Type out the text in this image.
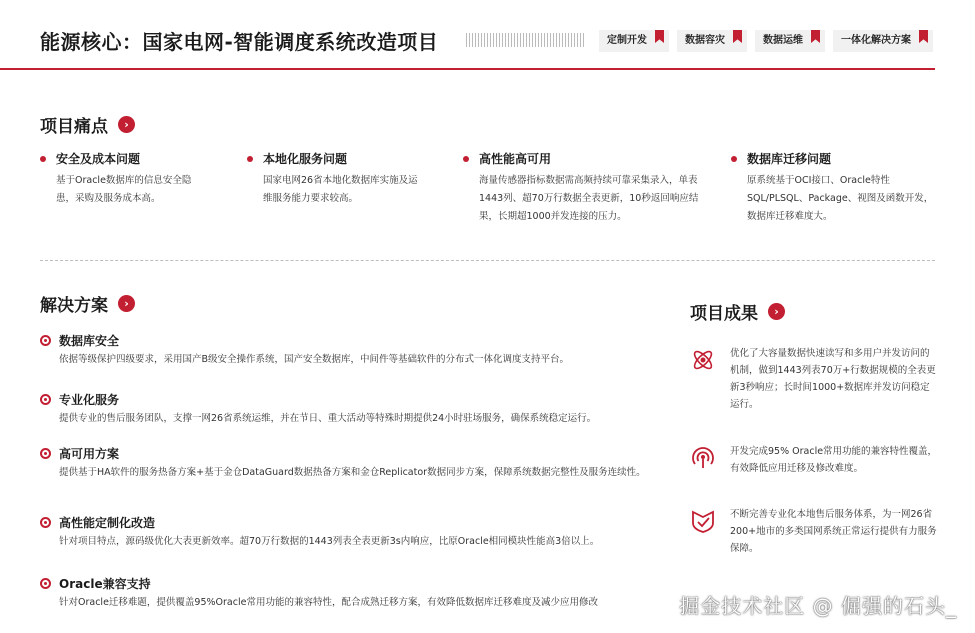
能源核心：国家电网-智能调度系统改造项目	定制开发	数据容灾	数据运维	一体化解决方案
项目痛点	›
安全及成本问题
基于Oracle数据库的信息安全隐患，采购及服务成本高。
本地化服务问题
国家电网26省本地化数据库实施及运维服务能力要求较高。
高性能高可用
海量传感器指标数据需高频持续可靠采集录入，单表1443列、超70万行数据全表更新，10秒返回响应结果，长期超1000并发连接的压力。
数据库迁移问题
原系统基于OCI接口、Oracle特性SQL/PLSQL、Package、视图及函数开发，数据库迁移难度大。
解决方案	›
数据库安全
依据等级保护四级要求，采用国产B级安全操作系统，国产安全数据库，中间件等基础软件的分布式一体化调度支持平台。
专业化服务
提供专业的售后服务团队，支撑一网26省系统运维，并在节日、重大活动等特殊时期提供24小时驻场服务，确保系统稳定运行。
高可用方案
提供基于HA软件的服务热备方案+基于金仓DataGuard数据热备方案和金仓Replicator数据同步方案，保障系统数据完整性及服务连续性。
高性能定制化改造
针对项目特点，源码级优化大表更新效率。超70万行数据的1443列表全表更新3s内响应，比原Oracle相同模块性能高3倍以上。
Oracle兼容支持
针对Oracle迁移难题，提供覆盖95%Oracle常用功能的兼容特性，配合成熟迁移方案，有效降低数据库迁移难度及减少应用修改
项目成果	›
优化了大容量数据快速读写和多用户并发访问的机制，做到1443列表70万+行数据规模的全表更新3秒响应；长时间1000+数据库并发访问稳定运行。
开发完成95% Oracle常用功能的兼容特性覆盖，有效降低应用迁移及修改难度。
不断完善专业化本地售后服务体系，为一网26省200+地市的多类国网系统正常运行提供有力服务保障。
掘金技术社区 @ 倔强的石头_
